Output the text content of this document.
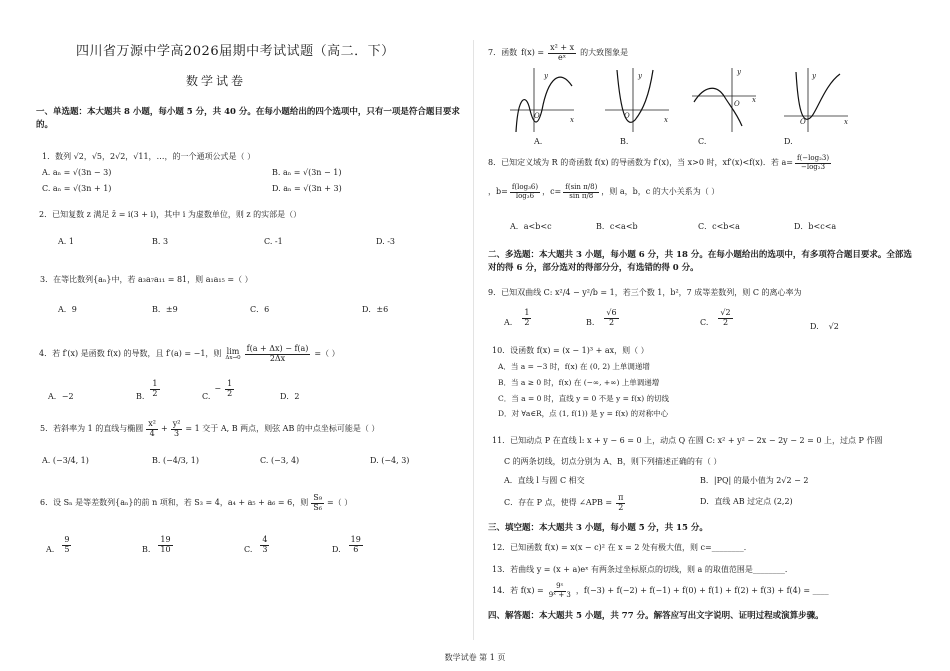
四川省万源中学高2026届期中考试试题（高二．下）
数学试卷
一、单选题：本大题共 8 小题，每小题 5 分，共 40 分。在每小题给出的四个选项中，只有一项是符合题目要求的。
1．数列 √2，√5，2√2，√11，…，的一个通项公式是（ ）
A. aₙ = √(3n − 3)	B. aₙ = √(3n − 1)
C. aₙ = √(3n + 1)	D. aₙ = √(3n + 3)
2．已知复数 z 满足 z̄ = i(3 + i)，其中 i 为虚数单位，则 z 的实部是（）
A. 1	B. 3	C. -1	D. -3
3．在等比数列{aₙ}中，若 a₃a₇a₁₁ = 81，则 a₁a₁₅ =（ ）
A．9	B．±9	C．6	D．±6
4．若 f′(x) 是函数 f(x) 的导数，且 f′(a) = −1，则 lim
$\Delta x\to 0 \frac{f(a + \Delta x) - f(a)}{2\Delta x}$ =（ ）
A．−2	B. $\frac{1}{2}$	C.
− $\frac{1}{2}$	D．2
5．若斜率为 1 的直线与椭圆 $\frac{\text{x²}}{4} + \frac{\text{y²}}{3} = 1$ 交于 A, B 两点，则弦 AB 的中点坐标可能是（ ）
A. (−3/4, 1)	B. (−4/3, 1)	C. (−3, 4)	D. (−4, 3)
6．设 Sₙ 是等差数列{aₙ}的前 n 项和，若 S₃ = 4，a₄ + a₅ + a₆ = 6，则 $\frac{\text{S₉}}{\text{S₆}}$ =（ ）
A. $\frac{9}{5}$	B. $\frac{19}{10}$	C. $\frac{4}{3}$	D. $\frac{19}{6}$
7．函数 $f(x) = \frac{\text{x² + x}}{\text{eˣ}}$ 的大致图象是
y
x
O
y
x
O
y
x
O
y
x
O
A.	B.	C.	D.
8．已知定义域为 R 的奇函数 f(x) 的导函数为 f′(x)，当 x>0 时，xf′(x)<f(x)．若 $a= \frac{\text{f(−log₂3)}}{\text{−log₂3}}$
，$b= \frac{\text{f(log₃6)}}{\text{log₃6}}$ ，$c= \frac{\text{f(sin π/8)}}{\text{sin π/8}}$ ，则 a，b，c 的大小关系为（ ）
A．a<b<c	B．c<a<b	C．c<b<a	D．b<c<a
二、多选题：本大题共 3 小题，每小题 6 分，共 18 分。在每小题给出的选项中，有多项符合题目要求。全部选对的得 6 分，部分选对的得部分分，有选错的得 0 分。
9．已知双曲线 C: x²/4 − y²/b = 1，若三个数 1，b²，7 成等差数列，则 C 的离心率为
A. $\frac{1}{2}$	B. $\frac{√6}{2}$	C. $\frac{√2}{2}$	D. √2
10．设函数 f(x) = (x − 1)³ + ax，则（ ）
A．当 a = −3 时，f(x) 在 (0, 2) 上单调递增
B．当 a ≥ 0 时，f(x) 在 (−∞, +∞) 上单调递增
C．当 a = 0 时，直线 y = 0 不是 y = f(x) 的切线
D．对 ∀a∈R，点 (1, f(1)) 是 y = f(x) 的对称中心
11．已知动点 P 在直线 l: x + y − 6 = 0 上，动点 Q 在圆 C: x² + y² − 2x − 2y − 2 = 0 上，过点 P 作圆
C 的两条切线，切点分别为 A、B，则下列描述正确的有（ ）
A．直线 l 与圆 C 相交	B．|PQ| 的最小值为 2√2 − 2
C．存在 P 点，使得 ∠APB = $\frac{\pi}{2}$	D．直线 AB 过定点 (2,2)
三、填空题：本大题共 3 小题，每小题 5 分，共 15 分。
12．已知函数 f(x) = x(x − c)² 在 x = 2 处有极大值，则 c=________．
13．若曲线 y = (x + a)eˣ 有两条过坐标原点的切线，则 a 的取值范围是________．
14．若 $f(x) = \frac{\text{9ˣ}}{\text{9ˣ + 3}}$ ，f(−3) + f(−2) + f(−1) + f(0) + f(1) + f(2) + f(3) + f(4) = ____
四、解答题：本大题共 5 小题，共 77 分。解答应写出文字说明、证明过程或演算步骤。
数学试卷 第 1 页
